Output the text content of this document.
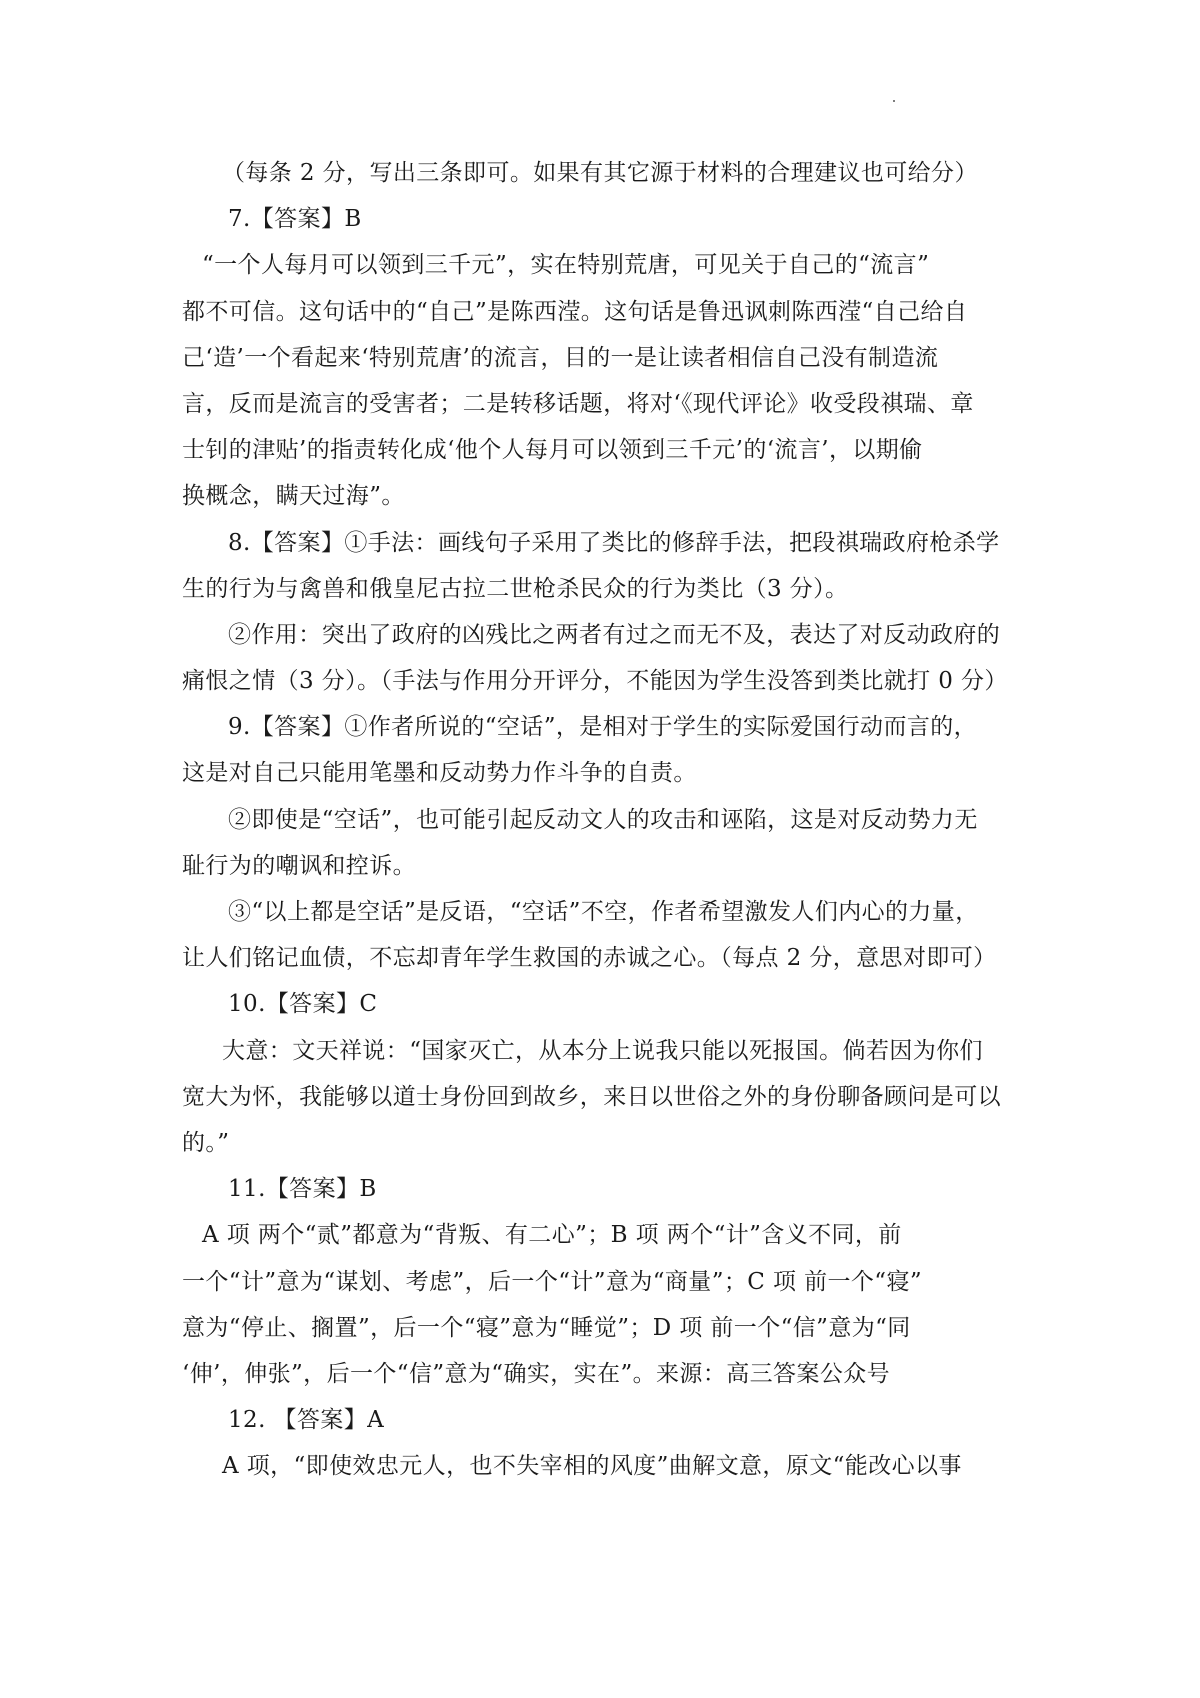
（每条 2 分，写出三条即可。如果有其它源于材料的合理建议也可给分）
7.【答案】B
“一个人每月可以领到三千元”，实在特别荒唐，可见关于自己的“流言”
都不可信。这句话中的“自己”是陈西滢。这句话是鲁迅讽刺陈西滢“自己给自
己‘造’一个看起来‘特别荒唐’的流言，目的一是让读者相信自己没有制造流
言，反而是流言的受害者；二是转移话题，将对‘《现代评论》收受段祺瑞、章
士钊的津贴’的指责转化成‘他个人每月可以领到三千元’的‘流言’，以期偷
换概念，瞒天过海”。
8.【答案】①手法：画线句子采用了类比的修辞手法，把段祺瑞政府枪杀学
生的行为与禽兽和俄皇尼古拉二世枪杀民众的行为类比（3 分）。
②作用：突出了政府的凶残比之两者有过之而无不及，表达了对反动政府的
痛恨之情（3 分）。（手法与作用分开评分，不能因为学生没答到类比就打 0 分）
9.【答案】①作者所说的“空话”，是相对于学生的实际爱国行动而言的，
这是对自己只能用笔墨和反动势力作斗争的自责。
②即使是“空话”，也可能引起反动文人的攻击和诬陷，这是对反动势力无
耻行为的嘲讽和控诉。
③“以上都是空话”是反语，“空话”不空，作者希望激发人们内心的力量，
让人们铭记血债，不忘却青年学生救国的赤诚之心。（每点 2 分，意思对即可）
10.【答案】C
大意：文天祥说：“国家灭亡，从本分上说我只能以死报国。倘若因为你们
宽大为怀，我能够以道士身份回到故乡，来日以世俗之外的身份聊备顾问是可以
的。”
11.【答案】B
A 项 两个“贰”都意为“背叛、有二心”；B 项 两个“计”含义不同，前
一个“计”意为“谋划、考虑”，后一个“计”意为“商量”；C 项 前一个“寝”
意为“停止、搁置”，后一个“寝”意为“睡觉”；D 项 前一个“信”意为“同
‘伸’，伸张”，后一个“信”意为“确实，实在”。来源：高三答案公众号
12. 【答案】A
A 项，“即使效忠元人，也不失宰相的风度”曲解文意，原文“能改心以事
